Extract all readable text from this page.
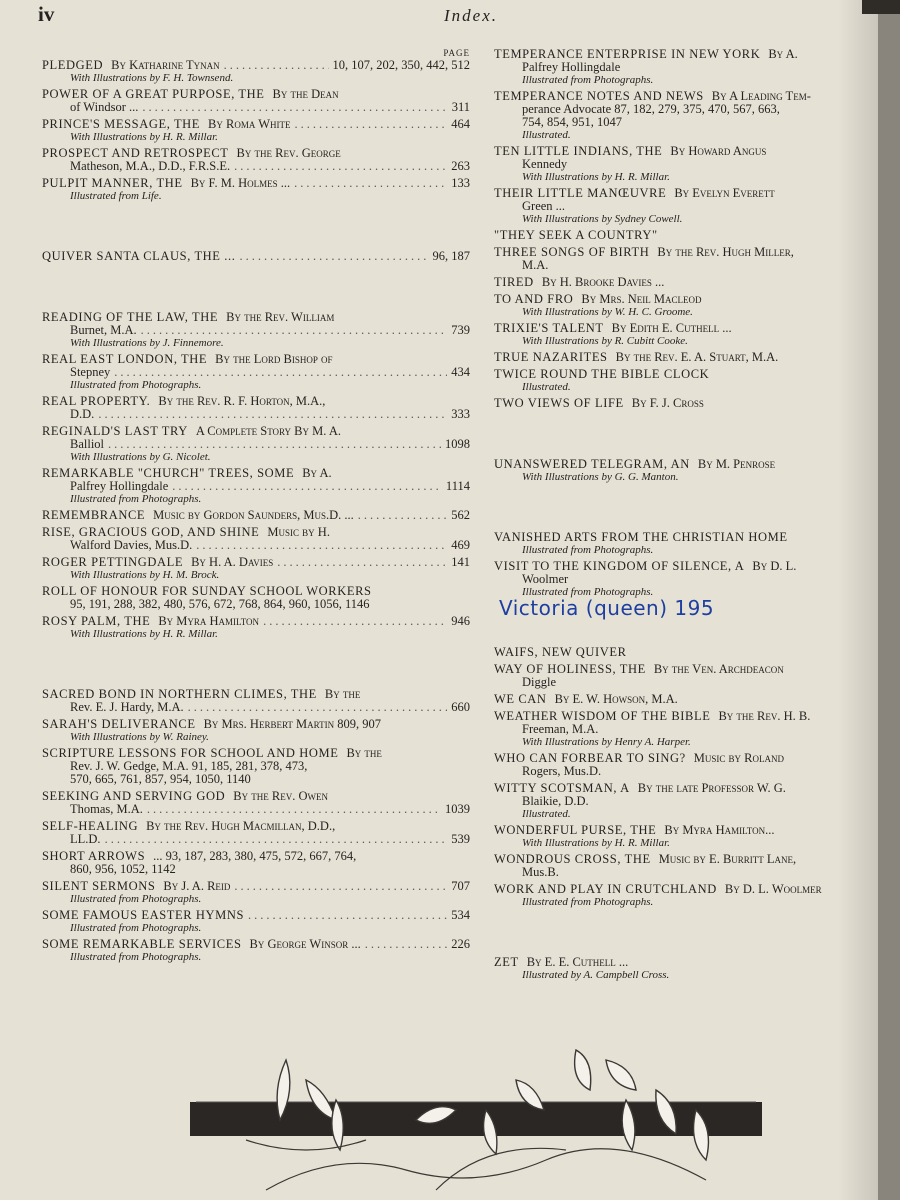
iv	Index.
PAGE
PLEDGED By Katharine Tynan .....	10, 107, 202, 350, 442, 512
With Illustrations by F. H. Townsend.
POWER OF A GREAT PURPOSE, THE By the Dean
of Windsor ... .....	311
PRINCE'S MESSAGE, THE By Roma White .....	464
With Illustrations by H. R. Millar.
PROSPECT AND RETROSPECT By the Rev. George
Matheson, M.A., D.D., F.R.S.E. .....	263
PULPIT MANNER, THE By F. M. Holmes ... .....	133
Illustrated from Life.
QUIVER SANTA CLAUS, THE ... .....	96, 187
READING OF THE LAW, THE By the Rev. William
Burnet, M.A. .....	739
With Illustrations by J. Finnemore.
REAL EAST LONDON, THE By the Lord Bishop of
Stepney .....	434
Illustrated from Photographs.
REAL PROPERTY. By the Rev. R. F. Horton, M.A.,
D.D. .....	333
REGINALD'S LAST TRY A Complete Story By M. A.
Balliol .....	1098
With Illustrations by G. Nicolet.
REMARKABLE "CHURCH" TREES, SOME By A.
Palfrey Hollingdale .....	1114
Illustrated from Photographs.
REMEMBRANCE Music by Gordon Saunders, Mus.D. ... .....	562
RISE, GRACIOUS GOD, AND SHINE Music by H.
Walford Davies, Mus.D. .....	469
ROGER PETTINGDALE By H. A. Davies .....	141
With Illustrations by H. M. Brock.
ROLL OF HONOUR FOR SUNDAY SCHOOL WORKERS
95, 191, 288, 382, 480, 576, 672, 768, 864, 960, 1056, 1146
ROSY PALM, THE By Myra Hamilton .....	946
With Illustrations by H. R. Millar.
SACRED BOND IN NORTHERN CLIMES, THE By the
Rev. E. J. Hardy, M.A. .....	660
SARAH'S DELIVERANCE By Mrs. Herbert Martin 809, 907
With Illustrations by W. Rainey.
SCRIPTURE LESSONS FOR SCHOOL AND HOME By the
Rev. J. W. Gedge, M.A. 91, 185, 281, 378, 473,
570, 665, 761, 857, 954, 1050, 1140
SEEKING AND SERVING GOD By the Rev. Owen
Thomas, M.A. .....	1039
SELF-HEALING By the Rev. Hugh Macmillan, D.D.,
LL.D. .....	539
SHORT ARROWS ... 93, 187, 283, 380, 475, 572, 667, 764,
860, 956, 1052, 1142
SILENT SERMONS By J. A. Reid .....	707
Illustrated from Photographs.
SOME FAMOUS EASTER HYMNS .....	534
Illustrated from Photographs.
SOME REMARKABLE SERVICES By George Winsor ... .....	226
Illustrated from Photographs.
TEMPERANCE ENTERPRISE IN NEW YORK By A.
Palfrey Hollingdale
Illustrated from Photographs.
TEMPERANCE NOTES AND NEWS By A Leading Tem-
perance Advocate 87, 182, 279, 375, 470, 567, 663,
754, 854, 951, 1047
Illustrated.
TEN LITTLE INDIANS, THE By Howard Angus
Kennedy
With Illustrations by H. R. Millar.
THEIR LITTLE MANŒUVRE By Evelyn Everett
Green ...
With Illustrations by Sydney Cowell.
"THEY SEEK A COUNTRY"
THREE SONGS OF BIRTH By the Rev. Hugh Miller,
M.A.
TIRED By H. Brooke Davies ...
TO AND FRO By Mrs. Neil Macleod
With Illustrations by W. H. C. Groome.
TRIXIE'S TALENT By Edith E. Cuthell ...
With Illustrations by R. Cubitt Cooke.
TRUE NAZARITES By the Rev. E. A. Stuart, M.A.
TWICE ROUND THE BIBLE CLOCK
Illustrated.
TWO VIEWS OF LIFE By F. J. Cross
UNANSWERED TELEGRAM, AN By M. Penrose
With Illustrations by G. G. Manton.
VANISHED ARTS FROM THE CHRISTIAN HOME
Illustrated from Photographs.
VISIT TO THE KINGDOM OF SILENCE, A By D. L.
Woolmer
Illustrated from Photographs.
WAIFS, NEW QUIVER
WAY OF HOLINESS, THE By the Ven. Archdeacon
Diggle
WE CAN By E. W. Howson, M.A.
WEATHER WISDOM OF THE BIBLE By the Rev. H. B.
Freeman, M.A.
With Illustrations by Henry A. Harper.
WHO CAN FORBEAR TO SING? Music by Roland
Rogers, Mus.D.
WITTY SCOTSMAN, A By the late Professor W. G.
Blaikie, D.D.
Illustrated.
WONDERFUL PURSE, THE By Myra Hamilton...
With Illustrations by H. R. Millar.
WONDROUS CROSS, THE Music by E. Burritt Lane,
Mus.B.
WORK AND PLAY IN CRUTCHLAND By D. L. Woolmer
Illustrated from Photographs.
ZET By E. E. Cuthell ...
Illustrated by A. Campbell Cross.
Victoria (queen) 195
